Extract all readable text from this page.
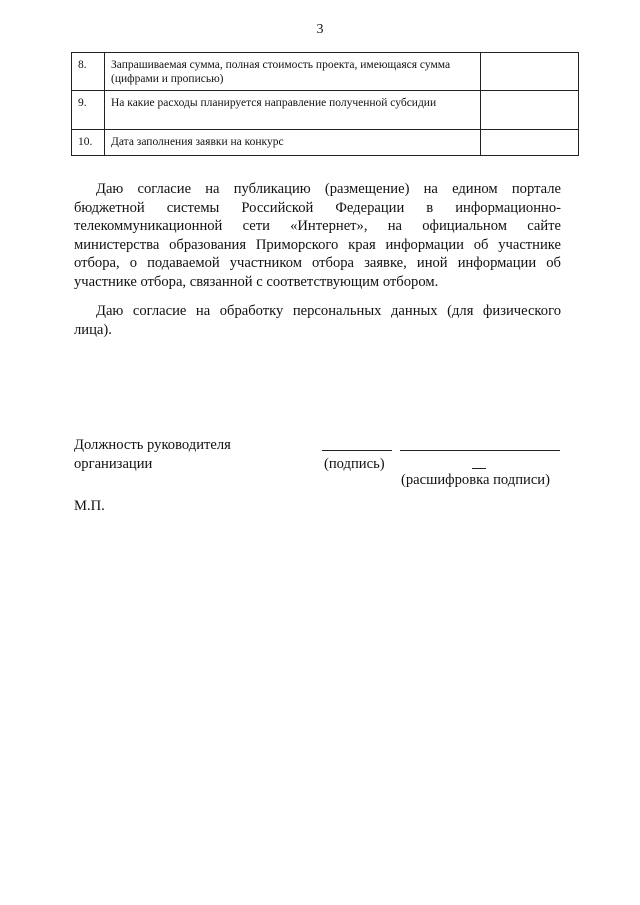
3
8.	Запрашиваемая сумма, полная стоимость проекта, имеющаяся сумма (цифрами и прописью)	
9.	На какие расходы планируется направление полученной субсидии	
10.	Дата заполнения заявки на конкурс	

Даю согласие на публикацию (размещение) на едином портале бюджетной системы Российской Федерации в информационно-телекоммуникационной сети «Интернет», на официальном сайте министерства образования Приморского края информации об участнике отбора, о подаваемой участником отбора заявке, иной информации об участнике отбора, связанной с соответствующим отбором.

Даю согласие на обработку персональных данных (для физического лица).

Должность руководителя
организации	(подпись)
(расшифровка подписи)
М.П.
